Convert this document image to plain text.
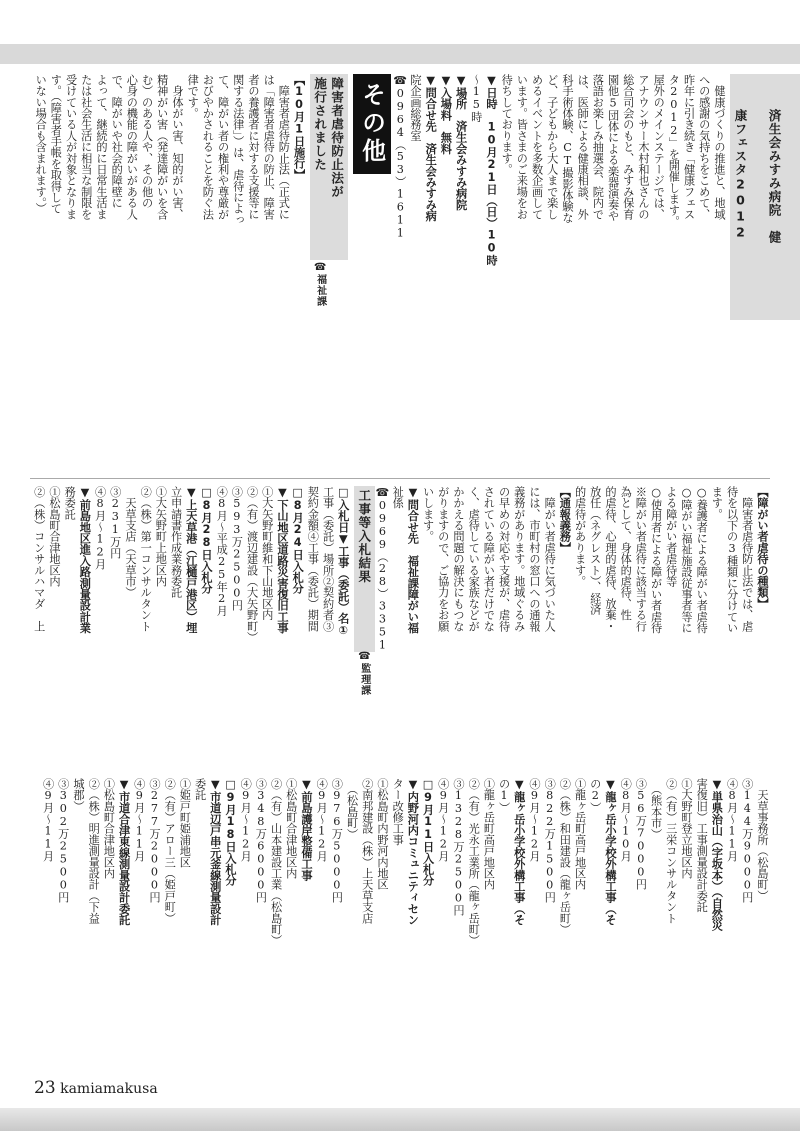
済生会みすみ病院　健

康フェスタ2012

その他
障害者虐待防止法が
施行されました
☎福祉課
23 kamiamakusa
　健康づくりの推進と、地域
への感謝の気持ちをこめて、
昨年に引き続き「健康フェス
タ2012」を開催します。
屋外のメインステージでは、
アナウンサー木村和也さんの
総合司会のもと、みすみ保育
園他5団体による楽器演奏や
落語お楽しみ抽選会、院内で
は、医師による健康相談、外
科手術体験、CT撮影体験な
ど、子どもから大人まで楽し
めるイベントを多数企画して
います。皆さまのご来場をお
待ちしております。
▼日時　10月21日（日）10時
～15時
▼場所　済生会みすみ病院
▼入場料　無料
▼問合せ先　済生会みすみ病
院企画総務室
☎0964（53）1611
【10月1日施行】
　障害者虐待防止法（正式に
は「障害者虐待の防止、障害
者の養護者に対する支援等に
関する法律」）は、虐待によっ
て、障がい者の権利や尊厳が
おびやかされることを防ぐ法
律です。
　身体がい害、知的がい害、
精神がい害（発達障がいを含
む）のある人や、その他の
心身の機能の障がいがある人
で、障がいや社会的障壁に
よって、継続的に日常生活ま
たは社会生活に相当な制限を
受けている人が対象となりま
す。（障害者手帳を取得して
いない場合も含まれます。）
【障がい者虐待の種類】
　障害者虐待防止法では、虐
待を以下の3種類に分けてい
ます。
○養護者による障がい者虐待
○障がい福祉施設従事者等に
よる障がい者虐待等
○使用者による障がい者虐待
※障がい者虐待に該当する行
為として、身体的虐待、性
的虐待、心理的虐待、放棄・
放任（ネグレスト）、経済
的虐待があります。
【通報義務】
　障がい者虐待に気づいた人
には、市町村の窓口への通報
義務があります。地域ぐるみ
の早めの対応や支援が、虐待
されている障がい者だけでな
く、虐待している家族などが
かかえる問題の解決にもつな
がりますので、ご協力をお願
いします。
▼問合せ先　福祉課障がい福
祉係
☎0969（28）3351
工事等入札結果
☎監理課
□入札日▼工事（委託）名①
工事（委託）場所②契約者③
契約金額④工事（委託）期間
□8月24日入札分
▼下山地区道路災害復旧工事
①大矢野町維和下山地区内
②（有）渡辺建設（大矢野町）
③593万2500円
④8月～平成25年2月
□8月28日入札分
▼上天草港（江樋戸港区）埋
立申請書作成業務委託
①大矢野町上地区内
②（株）第一コンサルタント
　天草支店（天草市）
③231万円
④8月～12月
▼前島地区進入路測量設計業
務委託
①松島町合津地区内
②（株）コンサルハマダ　上
　天草事務所（松島町）
③144万9000円
④8月～11月
▼単県治山（字坂本）（自然災
害復旧）工事測量設計委託
①大野町登立地区内
②（有）三栄コンサルタント
　（熊本市）
③56万7000円
④8月～10月
▼龍ヶ岳小学校外構工事（そ
の2）
①龍ヶ岳町高戸地区内
②（株）和田建設（龍ヶ岳町）
③822万1500円
④9月～12月
▼龍ヶ岳小学校外構工事（そ
の1）
①龍ヶ岳町高戸地区内
②（有）光永工業所（龍ヶ岳町）
③1328万2500円
④9月～12月
□9月11日入札分
▼内野河内コミュニティセン
ター改修工事
①松島町内野河内地区
②南邦建設（株）上天草支店
　（松島町）
③976万5000円
④9月～12月
▼前島護岸整備工事
①松島町合津地区内
②（有）山本建設工業（松島町）
③348万6000円
④9月～12月
□9月18日入札分
▼市道辺戸串元釜線測量設計
委託
①姫戸町姫浦地区
②（有）アロー三（姫戸町）
③277万2000円
④9月～11月
▼市道合津東線測量設計委託
①松島町合津地区内
②（株）明進測量設計（下益
城郡）
③302万2500円
④9月～11月
